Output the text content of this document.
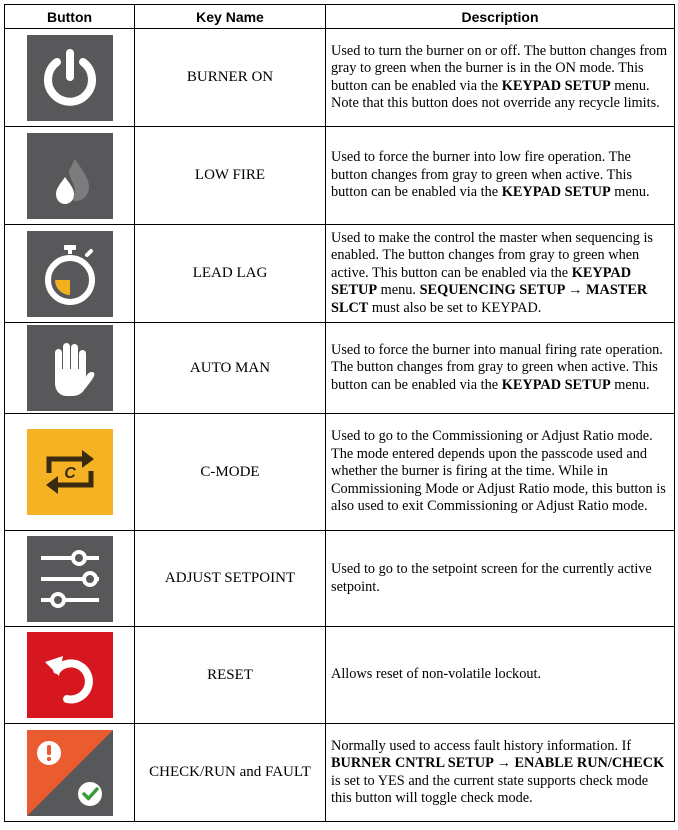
Button	Key Name	Description

	BURNER ON	Used to turn the burner on or off. The button changes from gray to green when the burner is in the ON mode. This button can be enabled via the KEYPAD SETUP menu. Note that this button does not override any recycle limits.

	LOW FIRE	Used to force the burner into low fire operation. The button changes from gray to green when active. This button can be enabled via the KEYPAD SETUP menu.

	LEAD LAG	Used to make the control the master when sequencing is enabled. The button changes from gray to green when active. This button can be enabled via the KEYPAD SETUP menu. SEQUENCING SETUP → MASTER SLCT must also be set to KEYPAD.

	AUTO MAN	Used to force the burner into manual firing rate operation. The button changes from gray to green when active. This button can be enabled via the KEYPAD SETUP menu.

C	C-MODE	Used to go to the Commissioning or Adjust Ratio mode. The mode entered depends upon the passcode used and whether the burner is firing at the time. While in Commissioning Mode or Adjust Ratio mode, this button is also used to exit Commissioning or Adjust Ratio mode.

	ADJUST SETPOINT	Used to go to the setpoint screen for the currently active setpoint.

	RESET	Allows reset of non-volatile lockout.

	CHECK/RUN and FAULT	Normally used to access fault history information. If BURNER CNTRL SETUP → ENABLE RUN/CHECK is set to YES and the current state supports check mode this button will toggle check mode.
